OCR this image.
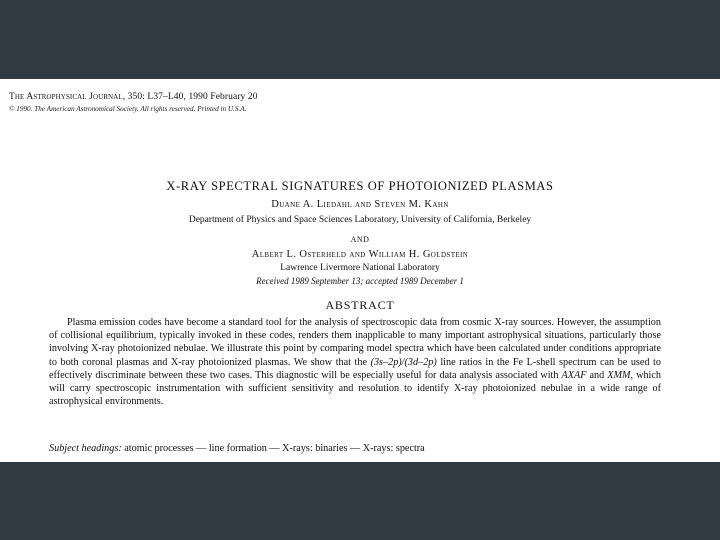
The Astrophysical Journal, 350: L37–L40, 1990 February 20
© 1990. The American Astronomical Society. All rights reserved. Printed in U.S.A.
X-RAY SPECTRAL SIGNATURES OF PHOTOIONIZED PLASMAS
Duane A. Liedahl and Steven M. Kahn
Department of Physics and Space Sciences Laboratory, University of California, Berkeley
AND
Albert L. Osterheld and William H. Goldstein
Lawrence Livermore National Laboratory
Received 1989 September 13; accepted 1989 December 1
ABSTRACT
Plasma emission codes have become a standard tool for the analysis of spectroscopic data from cosmic X-ray sources. However, the assumption of collisional equilibrium, typically invoked in these codes, renders them inapplicable to many important astrophysical situations, particularly those involving X-ray photoionized nebulae. We illustrate this point by comparing model spectra which have been calculated under conditions appropriate to both coronal plasmas and X-ray photoionized plasmas. We show that the (3s–2p)/(3d–2p) line ratios in the Fe L-shell spectrum can be used to effectively discriminate between these two cases. This diagnostic will be especially useful for data analysis associated with AXAF and XMM, which will carry spectroscopic instrumentation with sufficient sensitivity and resolution to identify X-ray photoionized nebulae in a wide range of astrophysical environments.
Subject headings: atomic processes — line formation — X-rays: binaries — X-rays: spectra
